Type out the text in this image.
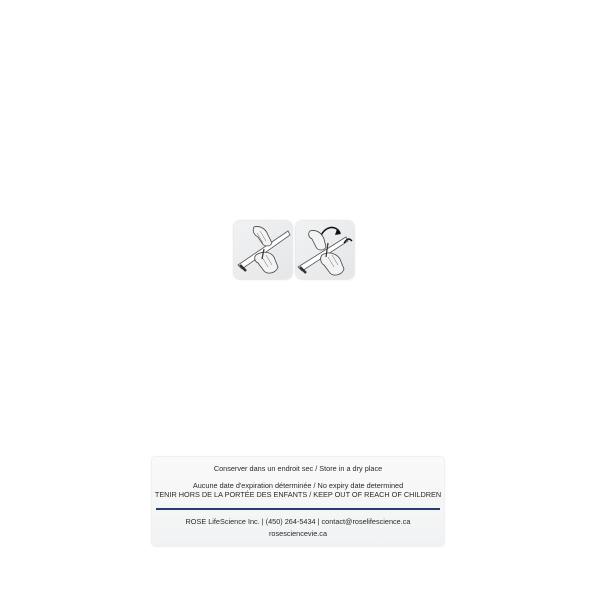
Conserver dans un endroit sec / Store in a dry place
Aucune date d'expiration déterminée / No expiry date determined
TENIR HORS DE LA PORTÉE DES ENFANTS / KEEP OUT OF REACH OF CHILDREN
ROSE LifeScience Inc. | (450) 264-5434 | contact@roselifescience.ca
rosesciencevie.ca
